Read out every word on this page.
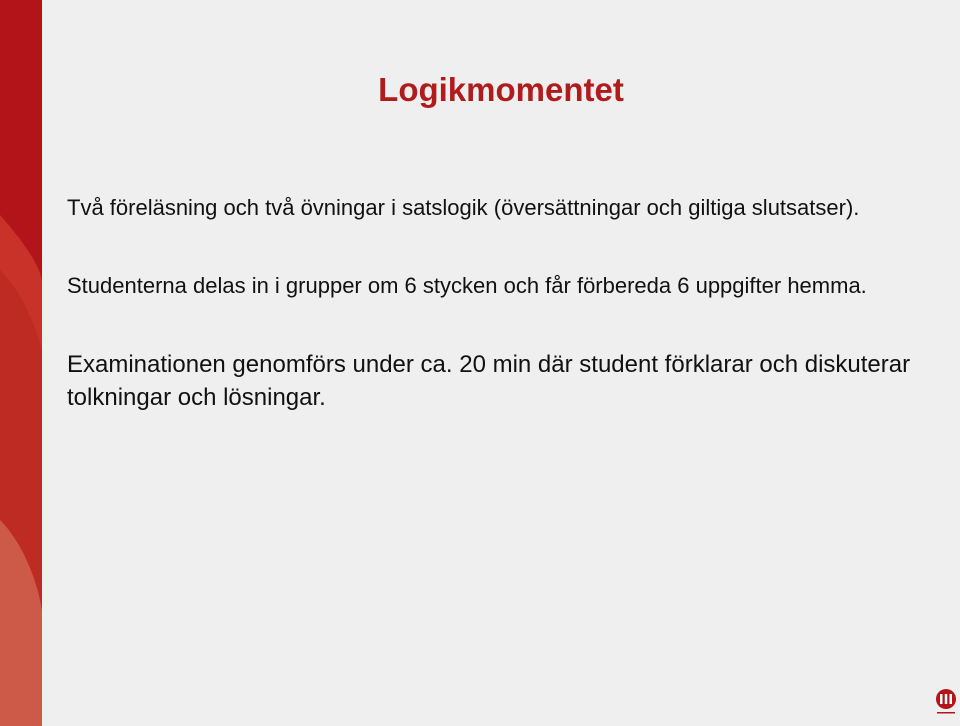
Logikmomentet

Två föreläsning och två övningar i satslogik (översättningar och giltiga slutsatser).

Studenterna delas in i grupper om 6 stycken och får förbereda 6 uppgifter hemma.

Examinationen genomförs under ca. 20 min där student förklarar och diskuterar tolkningar och lösningar.
